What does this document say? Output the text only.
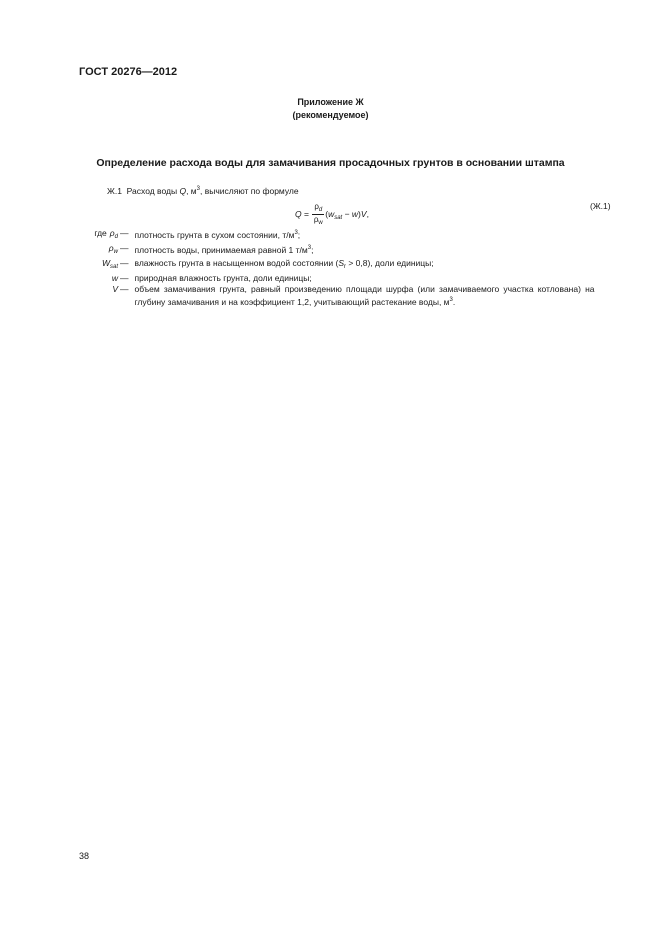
ГОСТ 20276—2012
Приложение Ж
(рекомендуемое)
Определение расхода воды для замачивания просадочных грунтов в основании штампа
Ж.1 Расход воды Q, $м^3$, вычисляют по формуле
$Q = \frac{\rho_d}{\rho_w} (w_{sat} - w)V$,
(Ж.1)
где $\rho_d$ — плотность грунта в сухом состоянии, $т/м^3$;
$\rho_w$ — плотность воды, принимаемая равной 1 $т/м^3$;
$W_{sat}$ — влажность грунта в насыщенном водой состоянии $(S_r > 0,8)$, доли единицы;
w — природная влажность грунта, доли единицы;
V — объем замачивания грунта, равный произведению площади шурфа (или замачиваемого участка котлована) на глубину замачивания и на коэффициент 1,2, учитывающий растекание воды, $м^3$.
38
